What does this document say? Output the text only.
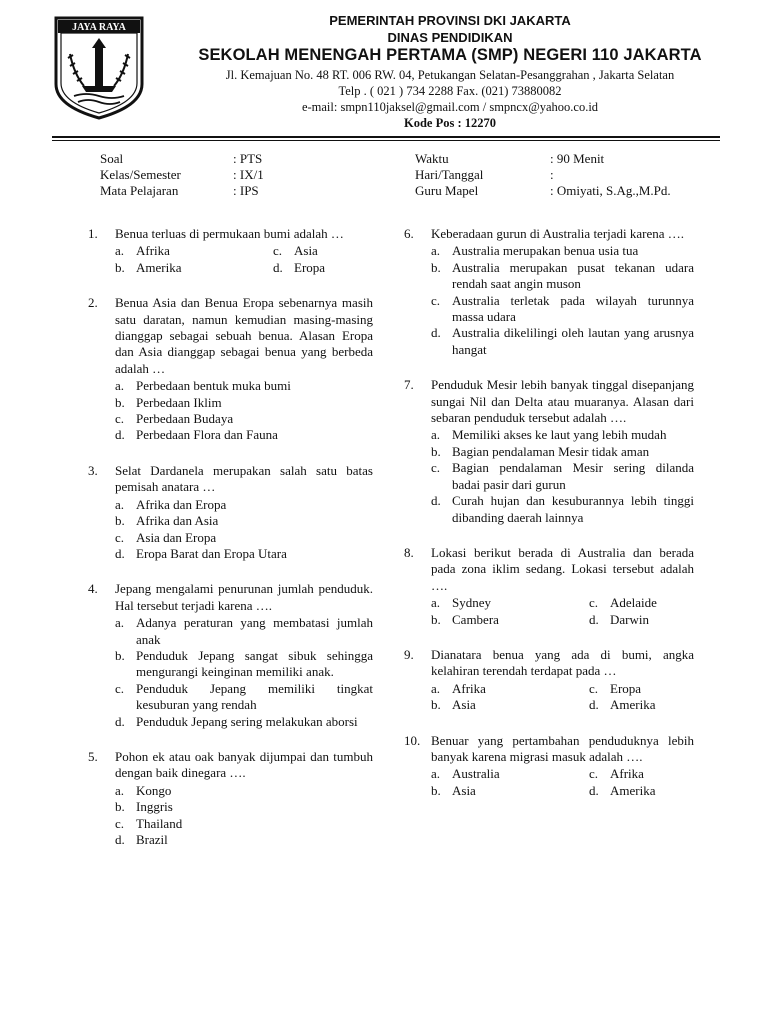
JAYA RAYA	PEMERINTAH PROVINSI DKI JAKARTA
DINAS PENDIDIKAN
SEKOLAH MENENGAH PERTAMA (SMP) NEGERI 110 JAKARTA
Jl. Kemajuan No. 48 RT. 006 RW. 04, Petukangan Selatan-Pesanggrahan , Jakarta Selatan
Telp . ( 021 ) 734 2288 Fax. (021) 73880082
e-mail: smpn110jaksel@gmail.com / smpncx@yahoo.co.id
Kode Pos : 12270
Soal	: PTS
Kelas/Semester	: IX/1
Mata Pelajaran	: IPS
Waktu	: 90 Menit
Hari/Tanggal	:
Guru Mapel	: Omiyati, S.Ag.,M.Pd.
1. Benua terluas di permukaan bumi adalah …
a. Afrika	c. Asia
b. Amerika	d. Eropa
2. Benua Asia dan Benua Eropa sebenarnya masih satu daratan, namun kemudian masing-masing dianggap sebagai sebuah benua. Alasan Eropa dan Asia dianggap sebagai benua yang berbeda adalah …
a. Perbedaan bentuk muka bumi
b. Perbedaan Iklim
c. Perbedaan Budaya
d. Perbedaan Flora dan Fauna
3. Selat Dardanela merupakan salah satu batas pemisah anatara …
a. Afrika dan Eropa
b. Afrika dan Asia
c. Asia dan Eropa
d. Eropa Barat dan Eropa Utara
4. Jepang mengalami penurunan jumlah penduduk. Hal tersebut terjadi karena ….
a. Adanya peraturan yang membatasi jumlah anak
b. Penduduk Jepang sangat sibuk sehingga mengurangi keinginan memiliki anak.
c. Penduduk Jepang memiliki tingkat kesuburan yang rendah
d. Penduduk Jepang sering melakukan aborsi
5. Pohon ek atau oak banyak dijumpai dan tumbuh dengan baik dinegara ….
a. Kongo
b. Inggris
c. Thailand
d. Brazil
6. Keberadaan gurun di Australia terjadi karena ….
a. Australia merupakan benua usia tua
b. Australia merupakan pusat tekanan udara rendah saat angin muson
c. Australia terletak pada wilayah turunnya massa udara
d. Australia dikelilingi oleh lautan yang arusnya hangat
7. Penduduk Mesir lebih banyak tinggal disepanjang sungai Nil dan Delta atau muaranya. Alasan dari sebaran penduduk tersebut adalah ….
a. Memiliki akses ke laut yang lebih mudah
b. Bagian pendalaman Mesir tidak aman
c. Bagian pendalaman Mesir sering dilanda badai pasir dari gurun
d. Curah hujan dan kesuburannya lebih tinggi dibanding daerah lainnya
8. Lokasi berikut berada di Australia dan berada pada zona iklim sedang. Lokasi tersebut adalah ….
a. Sydney	c. Adelaide
b. Cambera	d. Darwin
9. Dianatara benua yang ada di bumi, angka kelahiran terendah terdapat pada …
a. Afrika	c. Eropa
b. Asia	d. Amerika
10. Benuar yang pertambahan penduduknya lebih banyak karena migrasi masuk adalah ….
a. Australia	c. Afrika
b. Asia	d. Amerika
